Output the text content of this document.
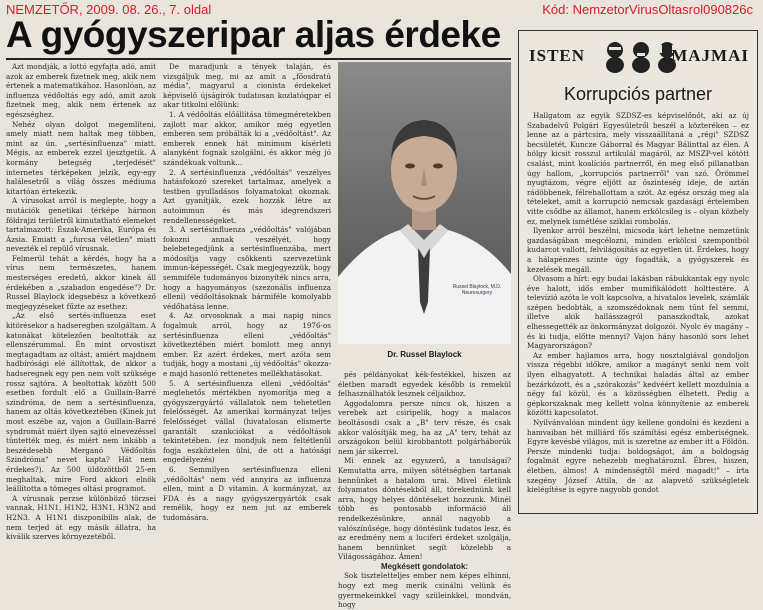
NEMZETŐR, 2009. 08. 26., 7. oldal	Kód: NemzetorVirusOltasrol090826c
A gyógyszeripar aljas érdeke

Azt mondják, a lottó egyfajta adó, amit azok az emberek fizetnek meg, akik nem értenek a matematikához. Hasonlóan, az influenza védőoltás egy adó, amit azok fizetnek meg, akik nem értenek az egészséghez.

Nehéz olyan dolgot megemlíteni, amely miatt nem haltak meg többen, mint az ún. „sertésinfluenza" miatt. Mégis, az emberek ezzel ijesztgetik. A kormány betegség „terjedését" internetes térképeken jelzik, egy-egy halálesetről a világ összes médiuma kitartóan értekezik.

A vírusokat arról is meglepte, hogy a mutációk genetikai térképe hármon földrajzi területről kimutatható elemeket tartalmazott: Észak-Amerika, Európa és Ázsia. Emiatt a „furcsa véletlen" miatt nevezték el repülő vírusnak.

Felmerül tehát a kérdés, hogy ha a vírus nem természetes, hanem mesterséges eredetű, akkor kinek áll érdekében a „szabadon engedése"? Dr. Russel Blaylock idegsebész a következő megjegyzéseket fűzte az esethez:

„Az első sertés-influenza eset kitörésekor a hadseregben szolgáltam. A katonákat kötelezően beoltották az ellenszérummal. Én mint orvostiszt megtagadtam az oltást, amiért majdnem hadbírósági elé állítottak, de akkor a hadseregnek egy pen nem volt szüksége rossz sajtóra. A beoltottak között 500 esetben fordult elő a Guillain-Barré szindróma, de nem a sertésinfluenza, hanem az oltás következtében (Kinek jut most eszébe az, vajon a Guillain-Barré syndromát miért ilyen sajtó elnevezéssel tüntették meg, és miért nem inkább a beszédesebb Merganó Védőoltás Szindróma" nevet kapta? Hát nem érdekes?). Az 500 üldözöttből 25-en meghaltak, mire Ford akkori elnök leállította a tömeges oltási programot.

A vírusnak perzse különböző törzsei vannak, H1N1, H1N2, H3N1, H3N2 and H2N3. A H1N1 diszponibilis alak, de nem terjed át egy másik állatra, ha kiválik szerves környezetéből.

De maradjunk a tények talaján, és vizsgáljuk meg, mi az amit a „főosdratú média", magyarul a cionista érdekeket képviselő újságírók tudatosan kozlatóqpar el akar titkolni előlünk:

1. A védőoltás előállítása tömegméretekben zajlott mar akkor, amikor még egyetlen emberen sem próbálták ki a „védőoltást". Az emberek ennek hát minimum kísérleti alanyként fognak szolgálni, és akkor még jó szándékuak voltunk...

2. A sertésinfluenza „védőoltás" veszélyes hatásfokozó szereket tartalmaz, amelyek a testben gyulladásos folyamatokat okoznak. Azt gyanítják, ezek hozzák létre az autoimmun és más idegrendszeri rendellenességeket.

3. A sertésinfluenza „védőoltás" valójában fokozni annak veszélyét, hogy belebetegedjünk a sertésinfluenzába, mert módosítja vagy csökkenti szervezetünk immun-képességét. Csak megjegyezzük, hogy semmiféle tudományos bizonyíték nincs arra, hogy a hagyományos (szezonális influenza elleni) védőoltásoknak bármiféle komolyabb védőhatása lenne.

4. Az orvosoknak a mai napig nincs fogalmuk arról, hogy az 1976-os sertésinfluenza elleni „védőoltás" következtében miért bomlott meg annyi ember. Ez azért érdekes, mert azóta sem tudják, hogy a mostani „új védőoltás" okozza-e majd hasonló rettenetes mellékhatásokat.

5. A sertésinfluenza elleni „védőoltás" meglehetős mértékben nyomorítja meg a gyógyszergyártó vállalatok nem tehetetlen felelősségét. Az amerikai kormányzat teljes felelősséget vállal (hivatalosan elismerte garantált szankciókat a védőoltások tekintetében. (ez mondjuk nem feltétlenül fogja eszköztelen ülni, de ott a hatósági engedélyezés)

6. Semmilyen sertésinfluenza elleni „védőoltás" nem véd annyira az influenza ellen, mint a D vitamin. A kormányzat, az FDA és a nagy gyógyszergyártók csak remélik, hogy ez nem jut az emberek tudomására.

Russel Blaylock, M.D. Neurosurgery
Dr. Russel Blaylock

pés példányokat kék-festékkel, hiszen az életben maradt egyedek később is remekül felhasználhatók lesznek céljaikhoz.

Aggodalomra persze nincs ok, hiszen a verebek azt csiripelik, hogy a malacos beoltásosdi csak a „B" terv része, és csak akkor valósítják meg, ha az „A" terv, tehát az országokon belül kirobbantott polgárháborúk nem jár sikerrel.

Mi ennek az egyszerű, a tanulságai? Kemutatta arra, milyen sötétségben tartanak bennünket a hatalom urai. Mivel életünk folyamatos döntésekből áll, törekednünk kell arra, hogy helyes döntéseket hozzunk. Minél több és pontosabb információ áll rendelkezésünkre, annál nagyobb a valószínűsége, hogy döntésünk tudatos lesz, és az eredmény nem a luciferi érdeket szolgálja, hanem bennünket segít közelebb a Világosságához. Ámen!

Megkésett gondolatok:

Sok tiszteletteljes ember nem képes elhinni, hogy ezt meg merik csinálni velünk és gyermekeinkkel vagy szüleinkkel, mondván, hogy

ISTEN	MAJMAI
Korrupciós partner

Hallgatom az egyik SZDSZ-es képviselőnőt, aki az új Szabadelvű Polgári Egyesületről beszél a közteréken – ez lenne az a pártcsira, mely visszaállítaná a „régi" SZDSZ becsületét, Kuncze Gáborral és Magyar Bálinttal az élen. A hölgy kicsit rosszul artikulál magáról, az MSZP-vel kötött csalást, mint koalíciós partnerről, én meg első pillanatban úgy hallom, „korrupciós partnerről" van szó. Örömmel nyugtázom, végre eljött az őszinteség ideje, de aztán rádöbbenek, félrehallottam a szót. Az egész ország meg ala tételeket, amit a korrupció nemcsak gazdasági értelemben vitte csődbe az államot, hanem erkölcsileg is – olyan közhely ez, melynek ismétlése sziklai rombolás.

Ilyenkor arról beszélni, micsoda kárt lehetne nemzetünk gazdaságában megcélozni, minden erkölcsi szempontból kudarcot vallott, felvilágosítás az egyetlen út. Érdekes, hogy a hálapénzes szinte úgy fogadták, a gyógyszerek és kezelések megáll.

Olvasom a hírt: egy budai lakásban rábukkantak egy nyolc éve halott, idős ember mumifikálódott holttestére. A televízió azóta le volt kapcsolva, a hivatalos levelek, számlák szépen bedobták, a szomszédoknak nem tűnt fel semmi, illetve akik hallásszagról panaszkodtak, azokat elhessegették az önkormányzat dolgozói. Nyolc év magány – és ki tudja, előtte mennyi? Vajon hány hasonló sors lehet Magyarországon?

Az ember hajlamos arra, hogy nosztalgiával gondoljon vissza régebbi időkre, amikor a magányt senki nem volt ilyen elhagyatott. A technikai haladás által az ember bezárkózott, és a „szórakozás" kedvéért kellett mozdulnia a négy fal közül, és a közösségben élhetett. Pedig a gépkorszaknak meg kellett volna könnyítenie az emberek közötti kapcsolatot.

Nyilvánvalóan mindent úgy kellene gondolni és kezdeni a hamvaiban hét milliárd fős számítási egész emberiségnek. Egyre kevésbé világos, mit is szeretne az ember itt a Földön. Persze mindenki tudja: boldogságot, ám a boldogság fogalmát egyre nehezebb meghatároznI. Ébres, hiszen, életben, álmos! A mindenségtől mérd magadt!" – írta szegény József Attila, de az alapvető szükségletek kielégítése is egyre nagyobb gondot
